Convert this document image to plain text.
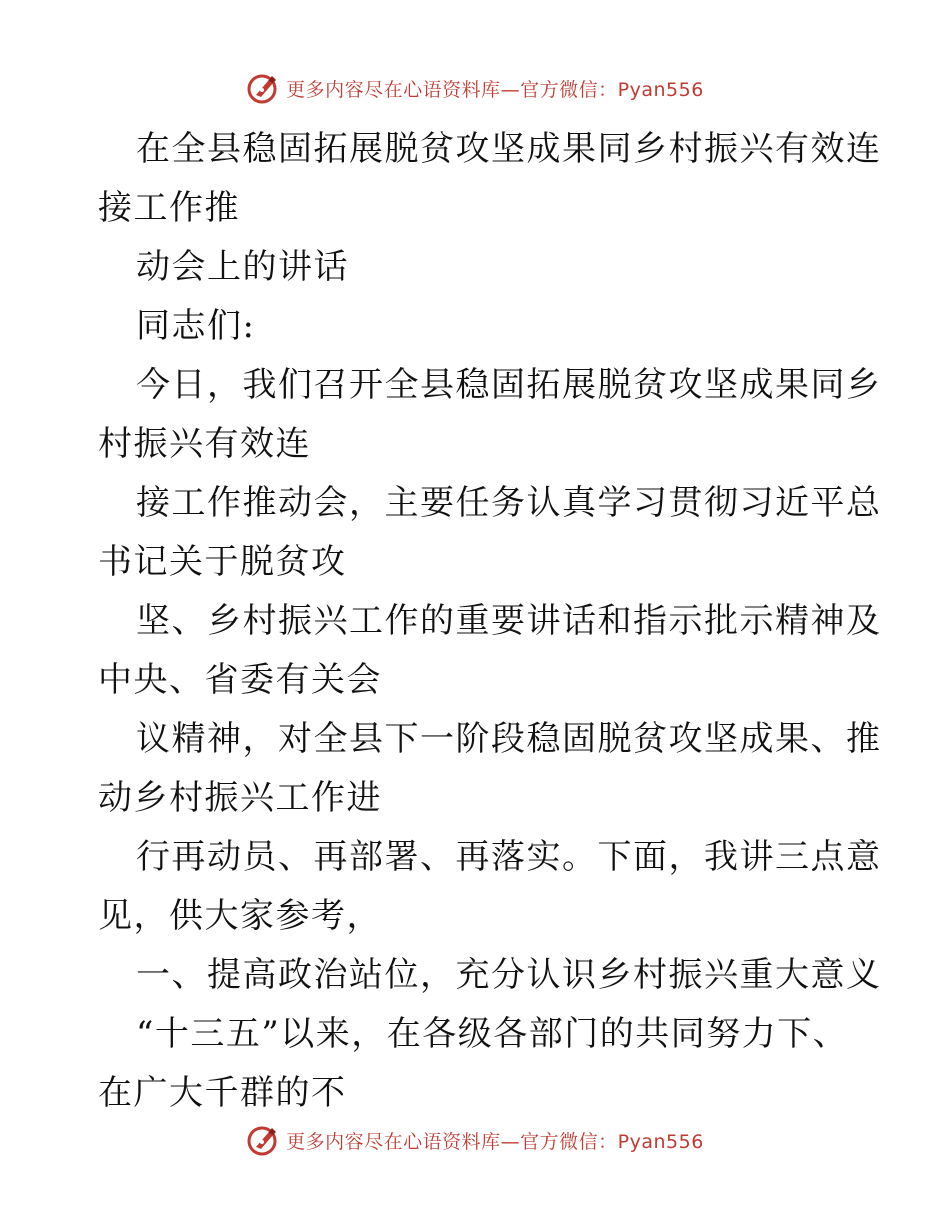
更多内容尽在心语资料库—官方微信：Pyan556
在全县稳固拓展脱贫攻坚成果同乡村振兴有效连
接工作推
动会上的讲话
同志们:
今日，我们召开全县稳固拓展脱贫攻坚成果同乡
村振兴有效连
接工作推动会，主要任务认真学习贯彻习近平总
书记关于脱贫攻
坚、乡村振兴工作的重要讲话和指示批示精神及
中央、省委有关会
议精神，对全县下一阶段稳固脱贫攻坚成果、推
动乡村振兴工作进
行再动员、再部署、再落实。下面，我讲三点意
见，供大家参考，
一、提高政治站位，充分认识乡村振兴重大意义
“十三五”以来，在各级各部门的共同努力下、
在广大千群的不
更多内容尽在心语资料库—官方微信：Pyan556
